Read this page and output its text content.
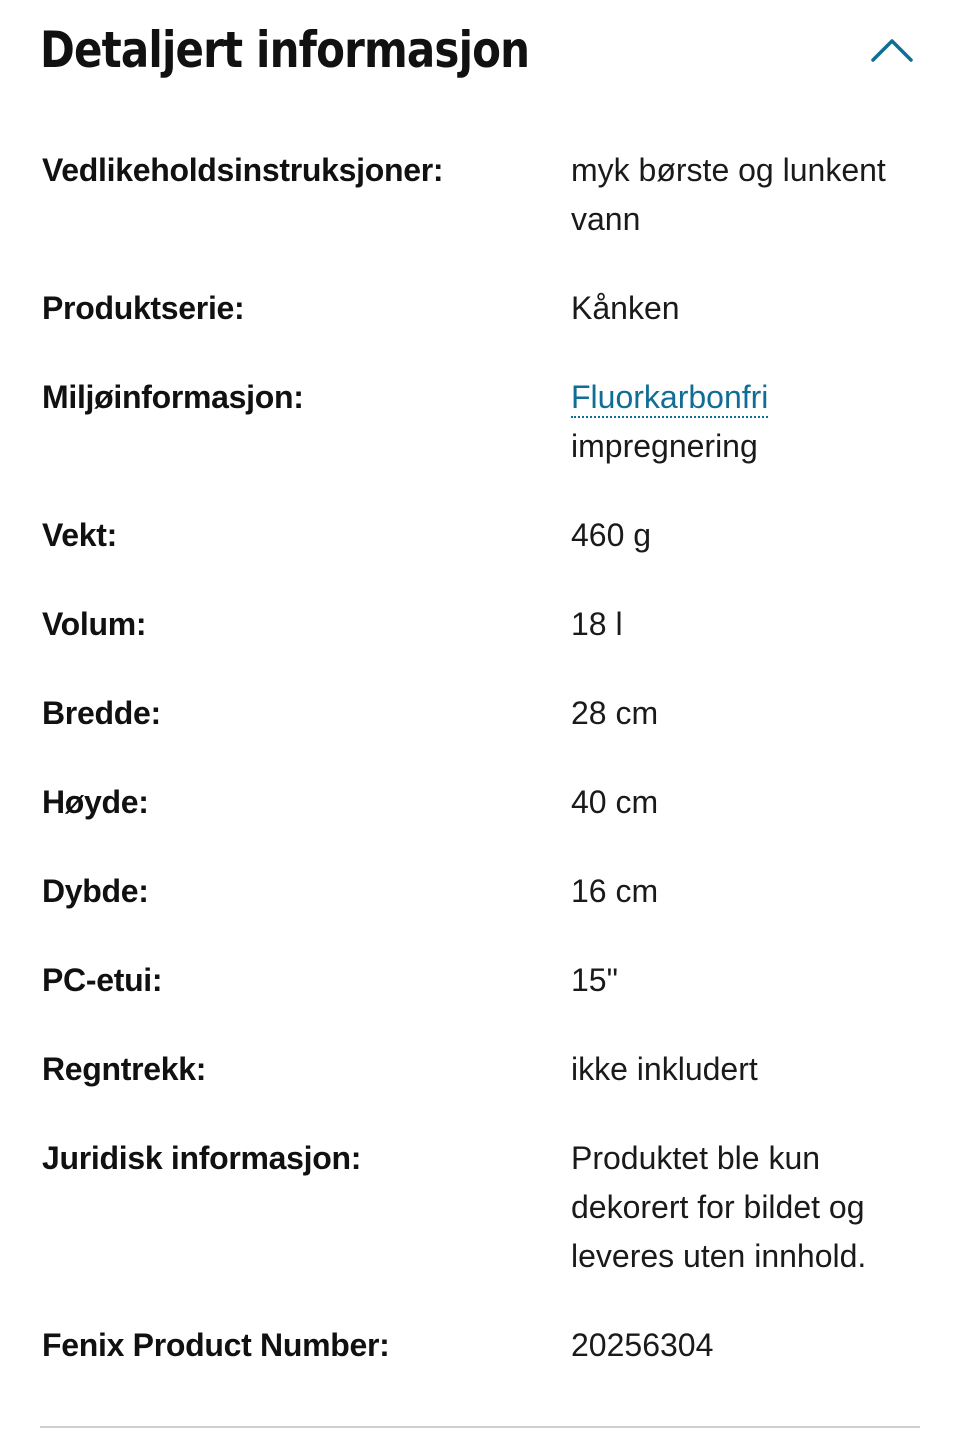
Detaljert informasjon
Vedlikeholdsinstruksjoner:	myk børste og lunkent vann
Produktserie:	Kånken
Miljøinformasjon:	Fluorkarbonfri
impregnering
Vekt:	460 g
Volum:	18 l
Bredde:	28 cm
Høyde:	40 cm
Dybde:	16 cm
PC-etui:	15"
Regntrekk:	ikke inkludert
Juridisk informasjon:	Produktet ble kun dekorert for bildet og leveres uten innhold.
Fenix Product Number:	20256304
